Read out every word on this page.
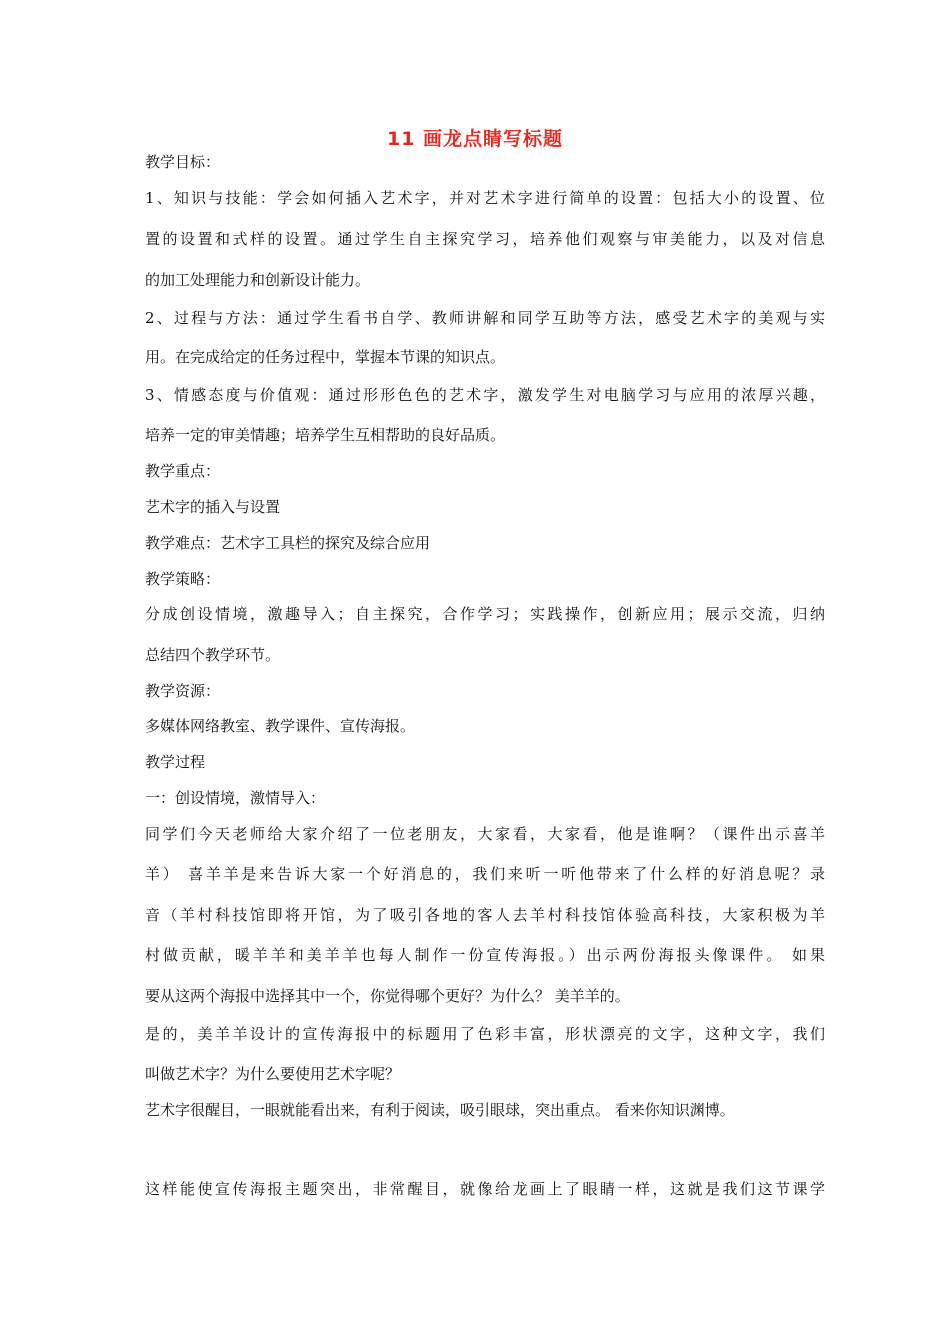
11 画龙点睛写标题
教学目标：
1、知识与技能：学会如何插入艺术字，并对艺术字进行简单的设置：包括大小的设置、位
置的设置和式样的设置。通过学生自主探究学习，培养他们观察与审美能力，以及对信息
的加工处理能力和创新设计能力。
2、过程与方法：通过学生看书自学、教师讲解和同学互助等方法，感受艺术字的美观与实
用。在完成给定的任务过程中，掌握本节课的知识点。
3、情感态度与价值观：通过形形色色的艺术字，激发学生对电脑学习与应用的浓厚兴趣，
培养一定的审美情趣；培养学生互相帮助的良好品质。
教学重点：
艺术字的插入与设置
教学难点：艺术字工具栏的探究及综合应用
教学策略：
分成创设情境，激趣导入；自主探究，合作学习；实践操作，创新应用；展示交流，归纳
总结四个教学环节。
教学资源：
多媒体网络教室、教学课件、宣传海报。
教学过程
一：创设情境，激情导入：
同学们今天老师给大家介绍了一位老朋友，大家看，大家看，他是谁啊？（课件出示喜羊
羊） 喜羊羊是来告诉大家一个好消息的，我们来听一听他带来了什么样的好消息呢？录
音（羊村科技馆即将开馆，为了吸引各地的客人去羊村科技馆体验高科技，大家积极为羊
村做贡献，暖羊羊和美羊羊也每人制作一份宣传海报。）出示两份海报头像课件。 如果
要从这两个海报中选择其中一个，你觉得哪个更好？为什么？ 美羊羊的。
是的，美羊羊设计的宣传海报中的标题用了色彩丰富，形状漂亮的文字，这种文字，我们
叫做艺术字？为什么要使用艺术字呢？
艺术字很醒目，一眼就能看出来，有利于阅读，吸引眼球，突出重点。 看来你知识渊博。
这样能使宣传海报主题突出，非常醒目，就像给龙画上了眼睛一样，这就是我们这节课学
